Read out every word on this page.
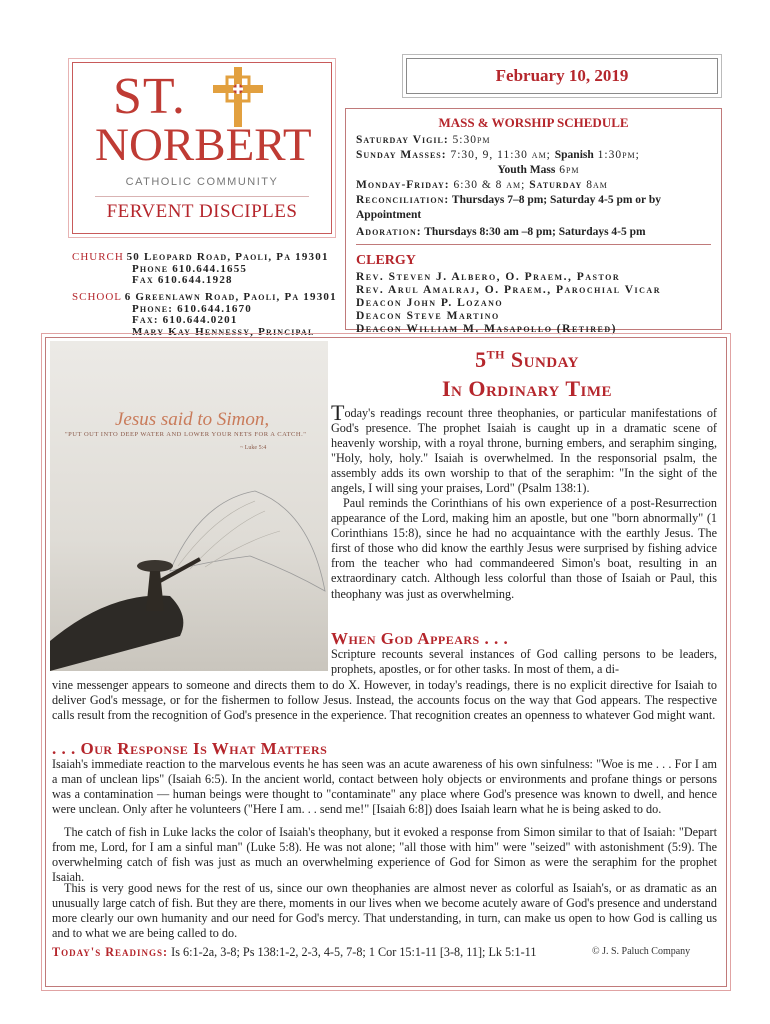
ST.
NORBERT
CATHOLIC COMMUNITY
FERVENT DISCIPLES
February 10, 2019
MASS & WORSHIP SCHEDULE
Saturday Vigil: 5:30pm
Sunday Masses: 7:30, 9, 11:30 am; Spanish 1:30pm;
Youth Mass 6pm
Monday-Friday: 6:30 & 8 am; Saturday 8am
Reconciliation: Thursdays 7–8 pm; Saturday 4-5 pm or by Appointment
Adoration: Thursdays 8:30 am –8 pm; Saturdays 4-5 pm
CLERGY
Rev. Steven J. Albero, O. Praem., Pastor
Rev. Arul Amalraj, O. Praem., Parochial Vicar
Deacon John P. Lozano
Deacon Steve Martino
Deacon William M. Masapollo (Retired)
CHURCH 50 Leopard Road, Paoli, Pa 19301
Phone 610.644.1655
Fax 610.644.1928
SCHOOL 6 Greenlawn Road, Paoli, Pa 19301
Phone: 610.644.1670
Fax: 610.644.0201
Mary Kay Hennessy, Principal
Jesus said to Simon,
"PUT OUT INTO DEEP WATER AND LOWER YOUR NETS FOR A CATCH."
~ Luke 5:4
5TH Sunday
In Ordinary Time
Today's readings recount three theophanies, or particular manifestations of God's presence. The prophet Isaiah is caught up in a dramatic scene of heavenly worship, with a royal throne, burning embers, and seraphim singing, "Holy, holy, holy." Isaiah is overwhelmed. In the responsorial psalm, the assembly adds its own worship to that of the seraphim: "In the sight of the angels, I will sing your praises, Lord" (Psalm 138:1).
Paul reminds the Corinthians of his own experience of a post-Resurrection appearance of the Lord, making him an apostle, but one "born abnormally" (1 Corinthians 15:8), since he had no acquaintance with the earthly Jesus. The first of those who did know the earthly Jesus were surprised by fishing advice from the teacher who had commandeered Simon's boat, resulting in an extraordinary catch. Although less colorful than those of Isaiah or Paul, this theophany was just as overwhelming.
When God Appears . . .
Scripture recounts several instances of God calling persons to be leaders, prophets, apostles, or for other tasks. In most of them, a di-
vine messenger appears to someone and directs them to do X. However, in today's readings, there is no explicit directive for Isaiah to deliver God's message, or for the fishermen to follow Jesus. Instead, the accounts focus on the way that God appears. The respective calls result from the recognition of God's presence in the experience. That recognition creates an openness to whatever God might want.
. . . Our Response Is What Matters
Isaiah's immediate reaction to the marvelous events he has seen was an acute awareness of his own sinfulness: "Woe is me . . . For I am a man of unclean lips" (Isaiah 6:5). In the ancient world, contact between holy objects or environments and profane things or persons was a contamination — human beings were thought to "contaminate" any place where God's presence was known to dwell, and hence were unclean. Only after he volunteers ("Here I am. . . send me!" [Isaiah 6:8]) does Isaiah learn what he is being asked to do.
The catch of fish in Luke lacks the color of Isaiah's theophany, but it evoked a response from Simon similar to that of Isaiah: "Depart from me, Lord, for I am a sinful man" (Luke 5:8). He was not alone; "all those with him" were "seized" with astonishment (5:9). The overwhelming catch of fish was just as much an overwhelming experience of God for Simon as were the seraphim for the prophet Isaiah.
This is very good news for the rest of us, since our own theophanies are almost never as colorful as Isaiah's, or as dramatic as an unusually large catch of fish. But they are there, moments in our lives when we become acutely aware of God's presence and understand more clearly our own humanity and our need for God's mercy. That understanding, in turn, can make us open to how God is calling us and to what we are being called to do.
Today's Readings: Is 6:1-2a, 3-8; Ps 138:1-2, 2-3, 4-5, 7-8; 1 Cor 15:1-11 [3-8, 11]; Lk 5:1-11	© J. S. Paluch Company
